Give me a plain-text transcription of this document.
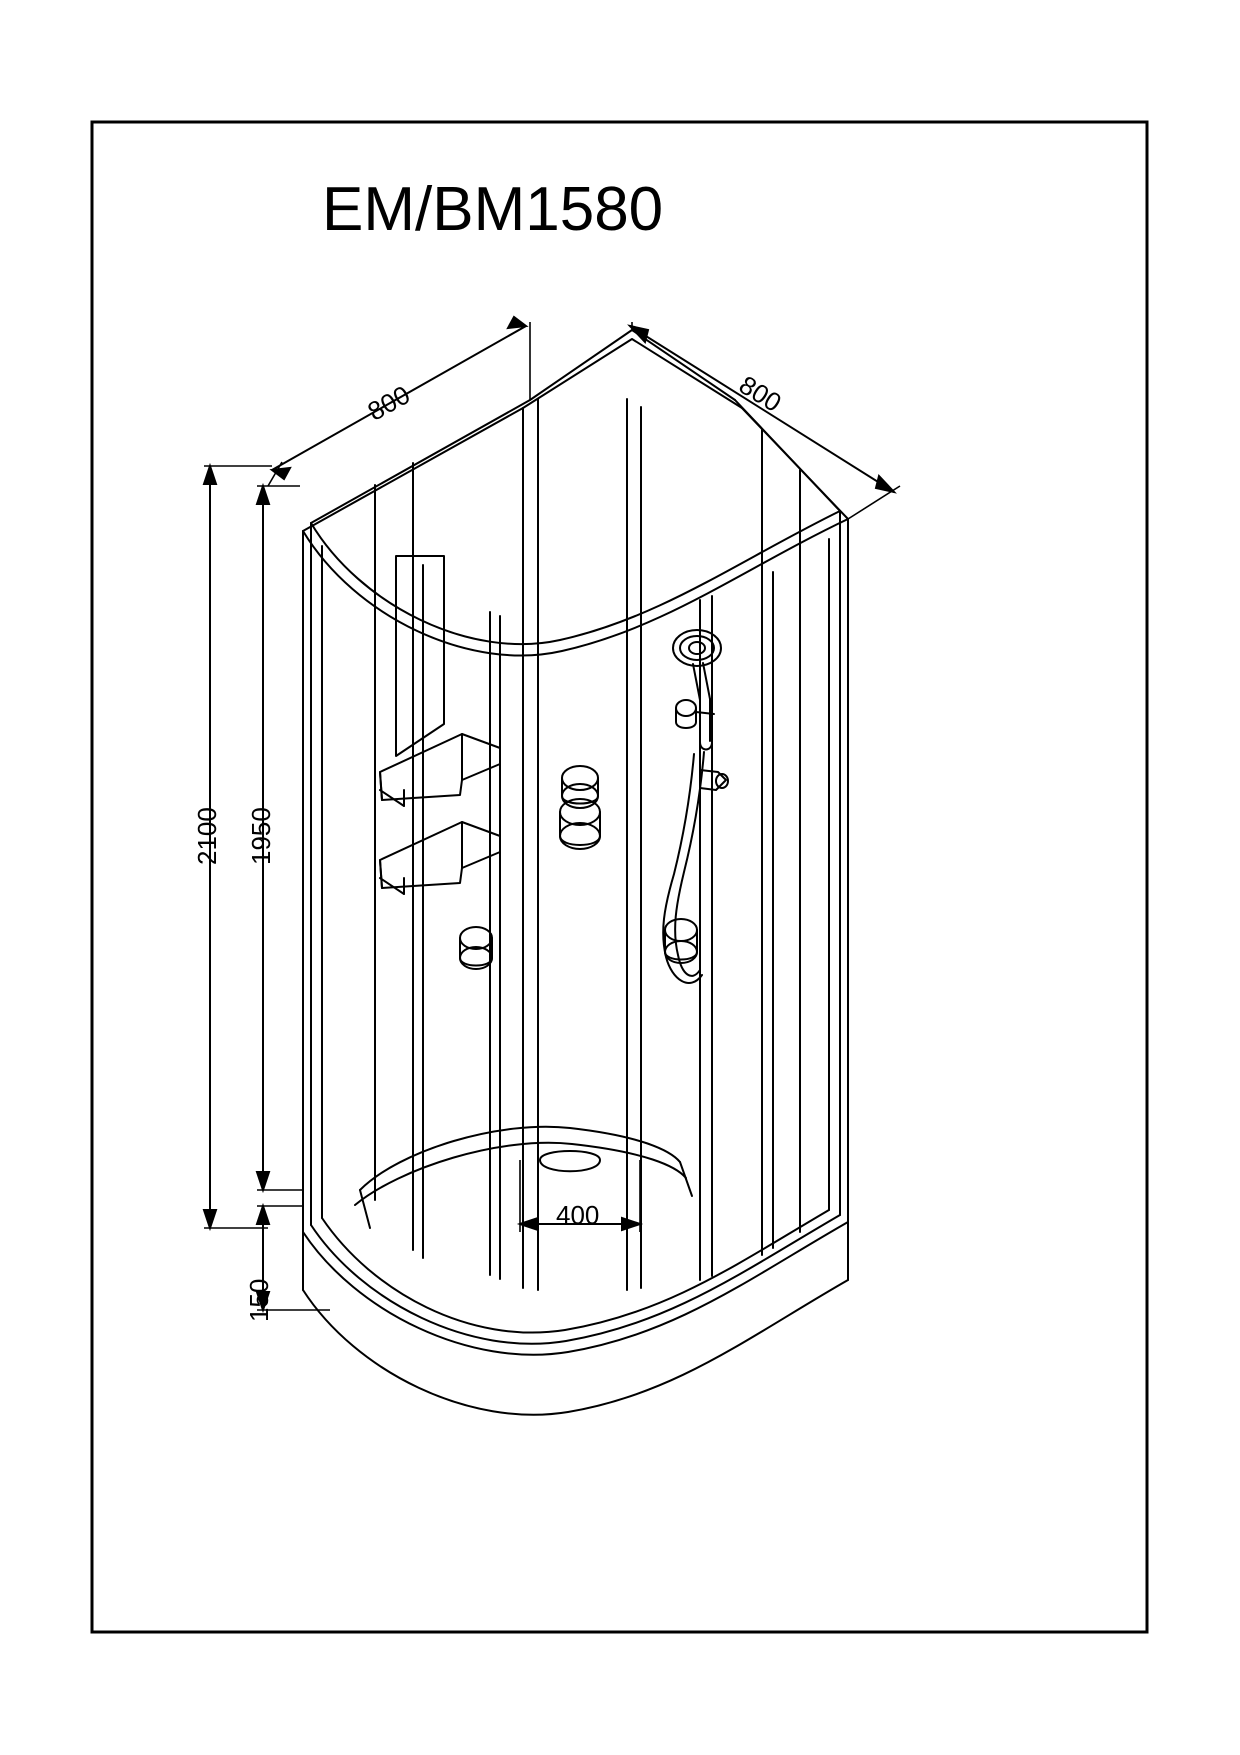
EM/BM1580
800	800
2100 1950
150
400
